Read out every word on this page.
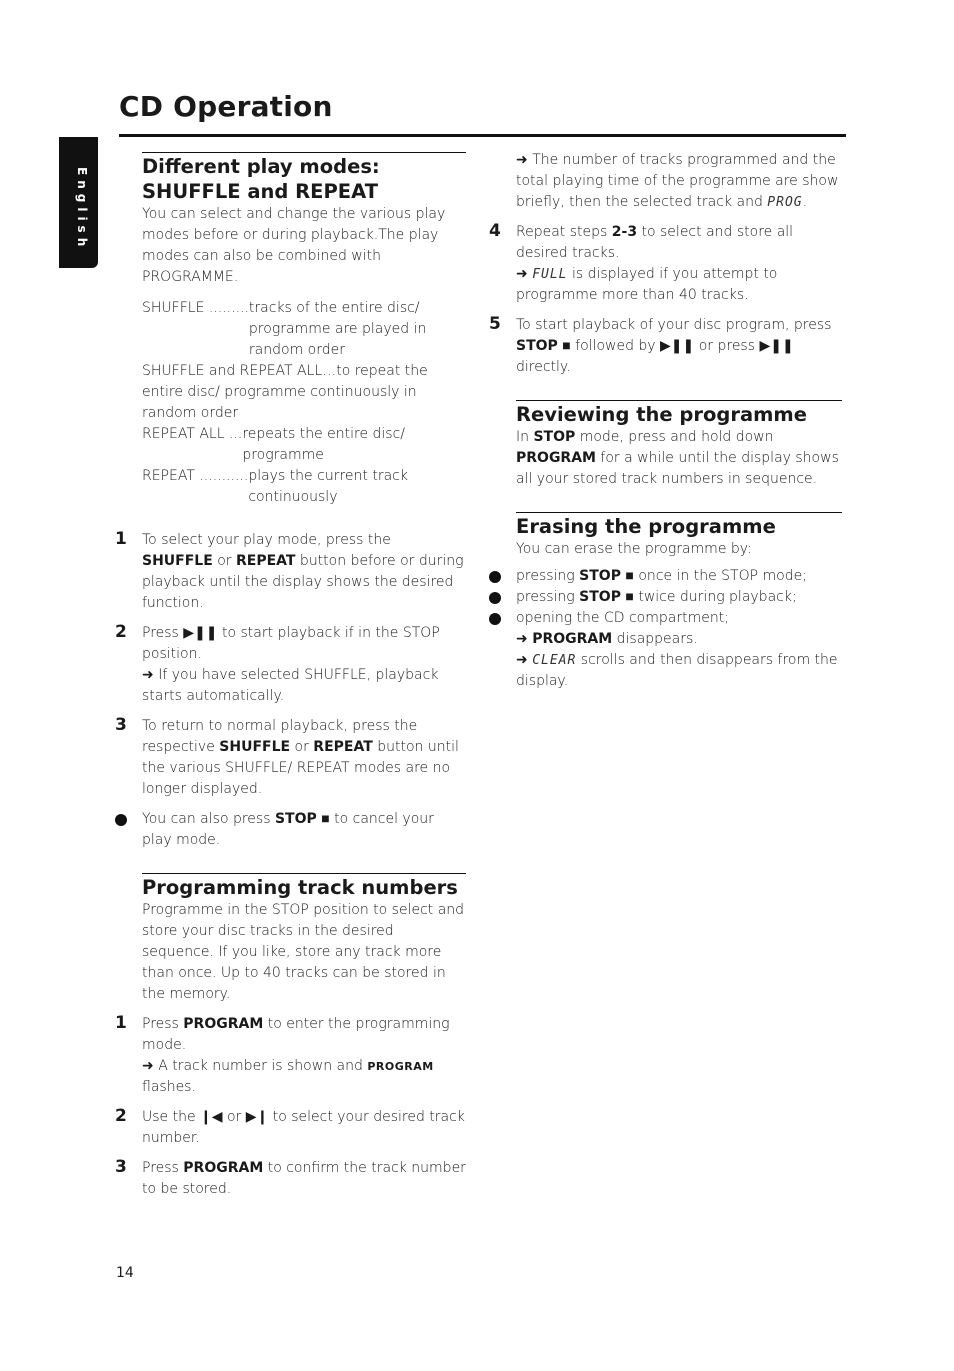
CD Operation
English
Different play modes: SHUFFLE and REPEAT

You can select and change the various play modes before or during playback.The play modes can also be combined with PROGRAMME.

SHUFFLE ......... tracks of the entire disc/ programme are played in random order
SHUFFLE and REPEAT ALL…to repeat the entire disc/ programme continuously in random order
REPEAT ALL ... repeats the entire disc/ programme
REPEAT ........... plays the current track continuously
1 To select your play mode, press the SHUFFLE or REPEAT button before or during playback until the display shows the desired function.

2 Press ▶❚❚ to start playback if in the STOP position.

➜ If you have selected SHUFFLE, playback starts automatically.

3 To return to normal playback, press the respective SHUFFLE or REPEAT button until the various SHUFFLE/ REPEAT modes are no longer displayed.

You can also press STOP ■ to cancel your play mode.

Programming track numbers

Programme in the STOP position to select and store your disc tracks in the desired sequence. If you like, store any track more than once. Up to 40 tracks can be stored in the memory.

1 Press PROGRAM to enter the programming mode.

➜ A track number is shown and PROGRAM flashes.

2 Use the ❙◀ or ▶❙ to select your desired track number.

3 Press PROGRAM to confirm the track number to be stored.

➜ The number of tracks programmed and the total playing time of the programme are show briefly, then the selected track and PROG.

4 Repeat steps 2-3 to select and store all desired tracks.

➜ FULL is displayed if you attempt to programme more than 40 tracks.

5 To start playback of your disc program, press STOP ■ followed by ▶❚❚ or press ▶❚❚ directly.

Reviewing the programme

In STOP mode, press and hold down PROGRAM for a while until the display shows all your stored track numbers in sequence.

Erasing the programme

You can erase the programme by:

pressing STOP ■ once in the STOP mode;

pressing STOP ■ twice during playback;

opening the CD compartment;

➜ PROGRAM disappears.

➜ CLEAR scrolls and then disappears from the display.

14
